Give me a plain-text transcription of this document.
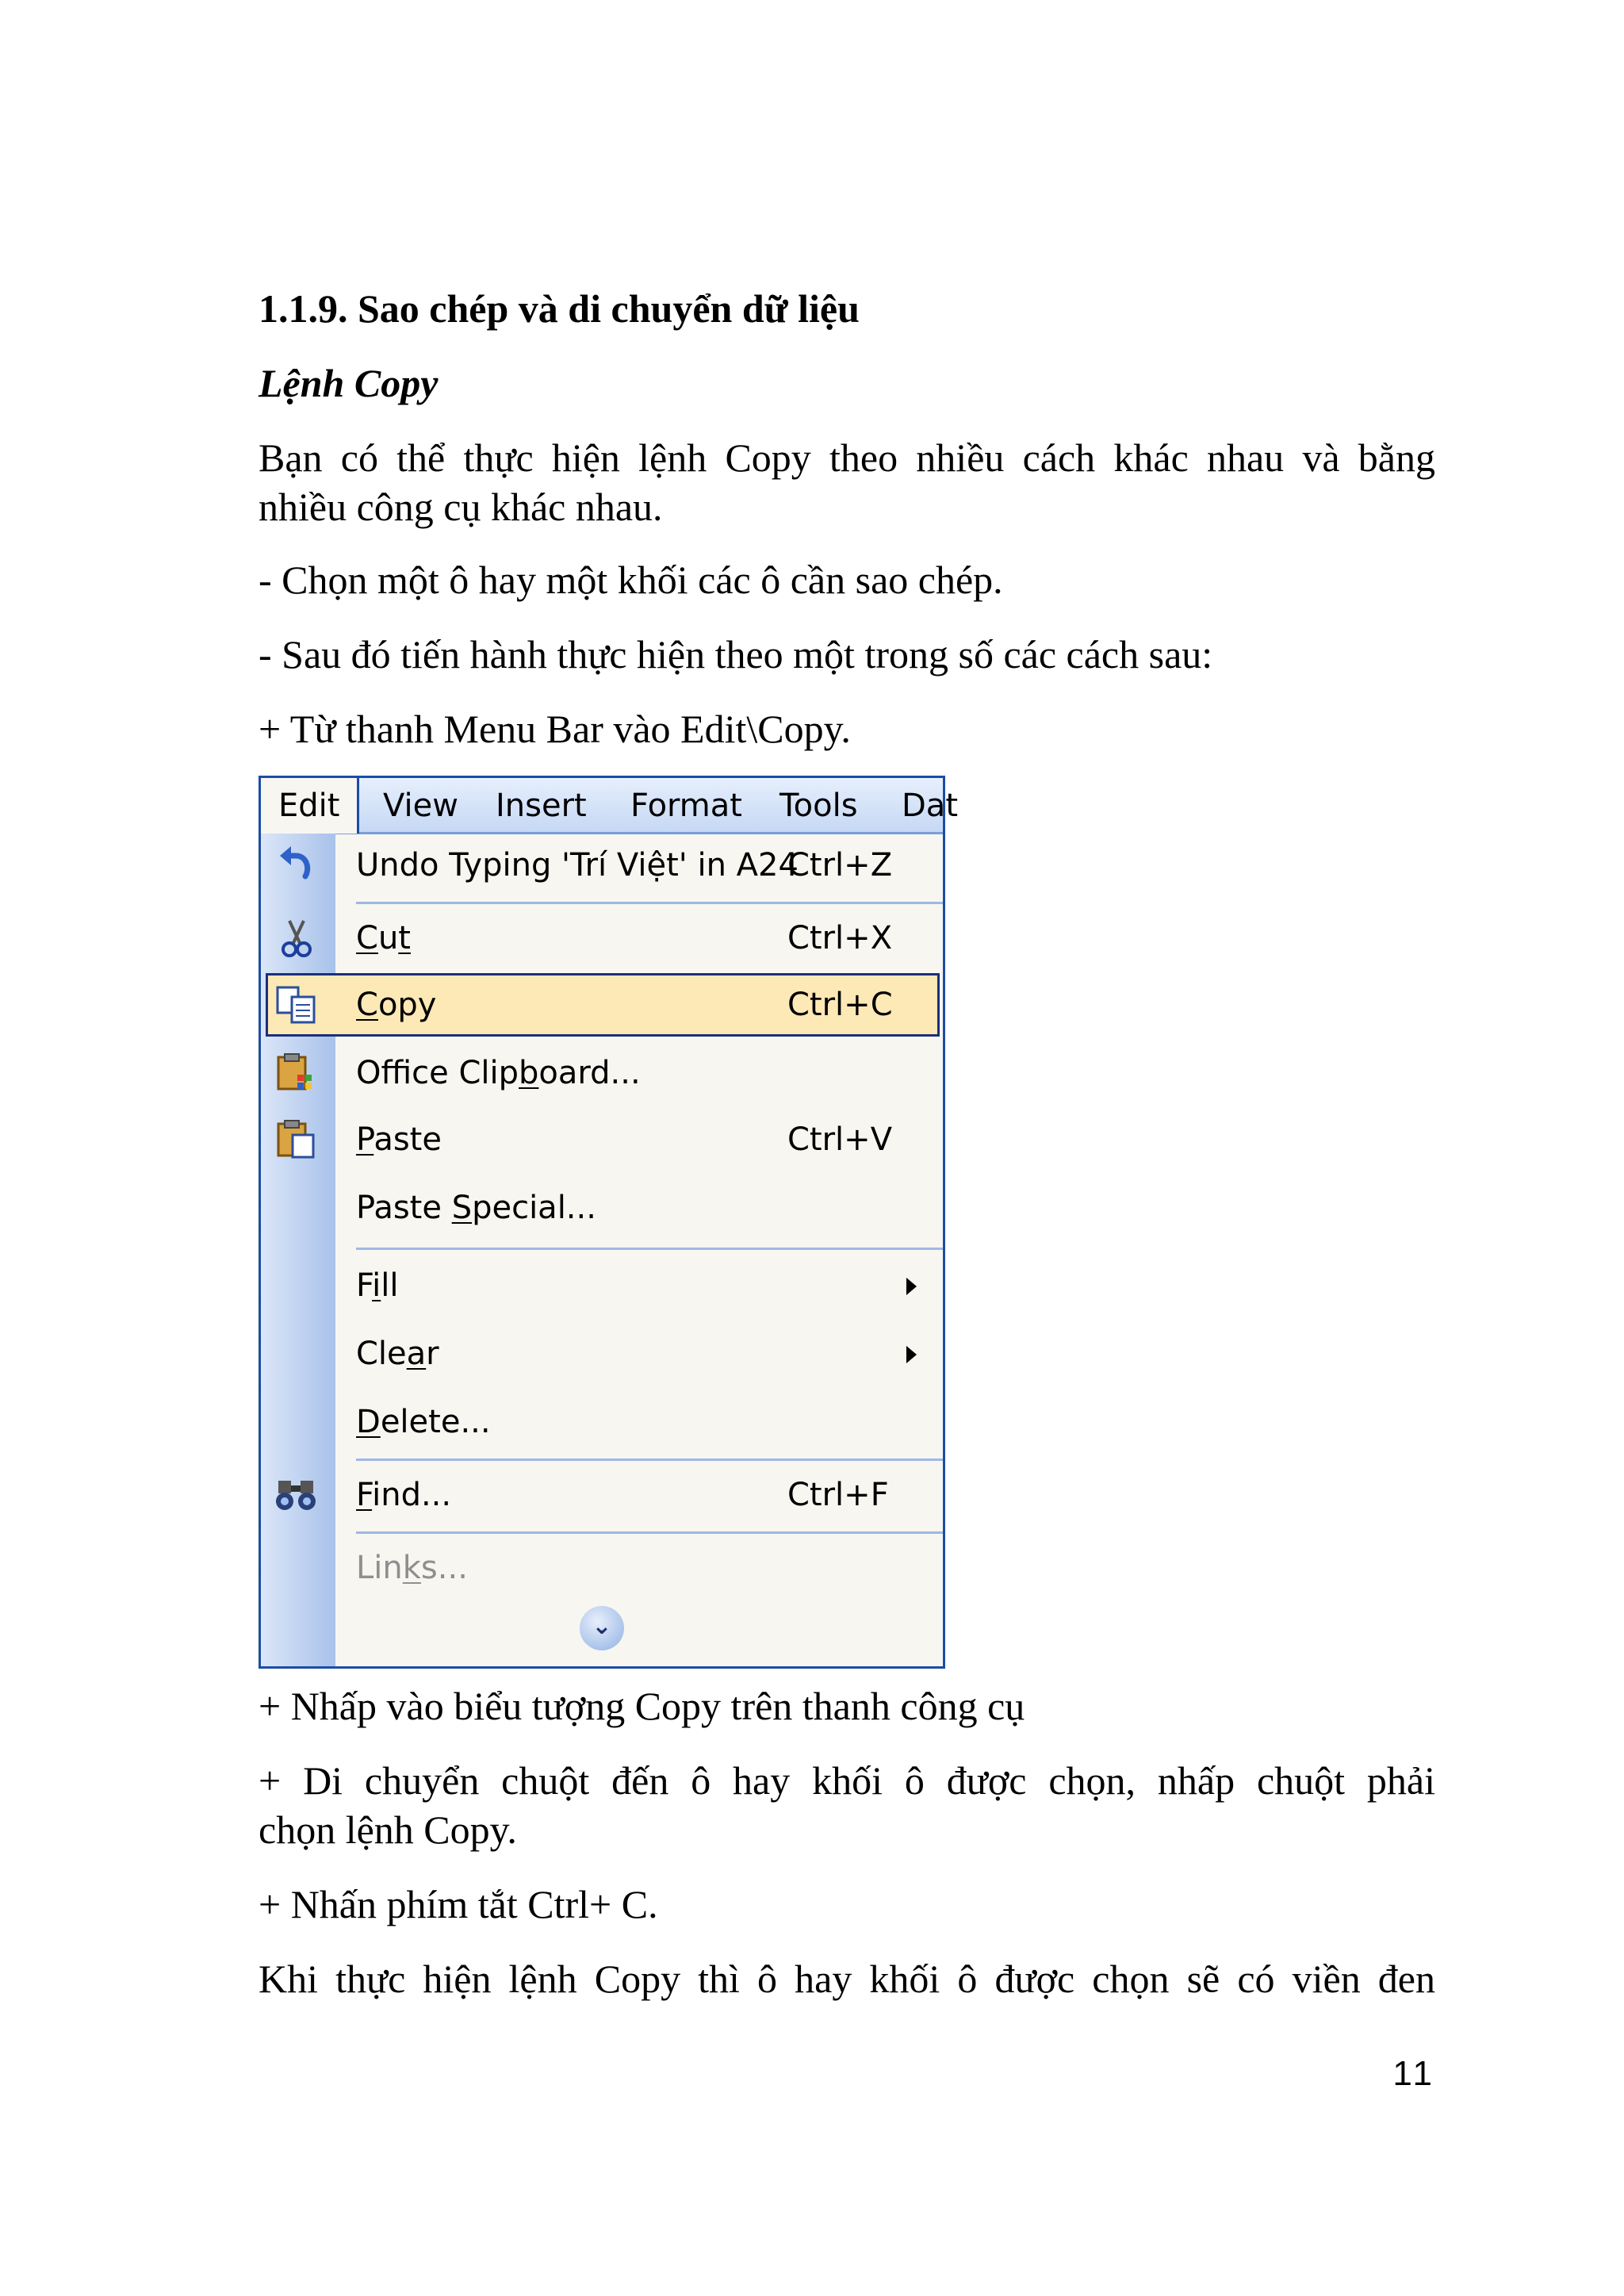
1.1.9. Sao chép và di chuyển dữ liệu
Lệnh Copy
Bạn có thể thực hiện lệnh Copy theo nhiều cách khác nhau và bằng
nhiều công cụ khác nhau.
- Chọn một ô hay một khối các ô cần sao chép.
- Sau đó tiến hành thực hiện theo một trong số các cách sau:
+ Từ thanh Menu Bar vào Edit\Copy.
Edit View Insert Format Tools Dat
Undo Typing 'Trí Việt' in A24
Ctrl+Z
Cut	Ctrl+X
Copy	Ctrl+C
Office Clipboard...
Paste	Ctrl+V
Paste Special...
Fill
Clear
Delete...
Find...	Ctrl+F
Links...
⌄
+ Nhấp vào biểu tượng Copy trên thanh công cụ
+ Di chuyển chuột đến ô hay khối ô được chọn, nhấp chuột phải
chọn lệnh Copy.
+ Nhấn phím tắt Ctrl+ C.
Khi thực hiện lệnh Copy thì ô hay khối ô được chọn sẽ có viền đen
11
